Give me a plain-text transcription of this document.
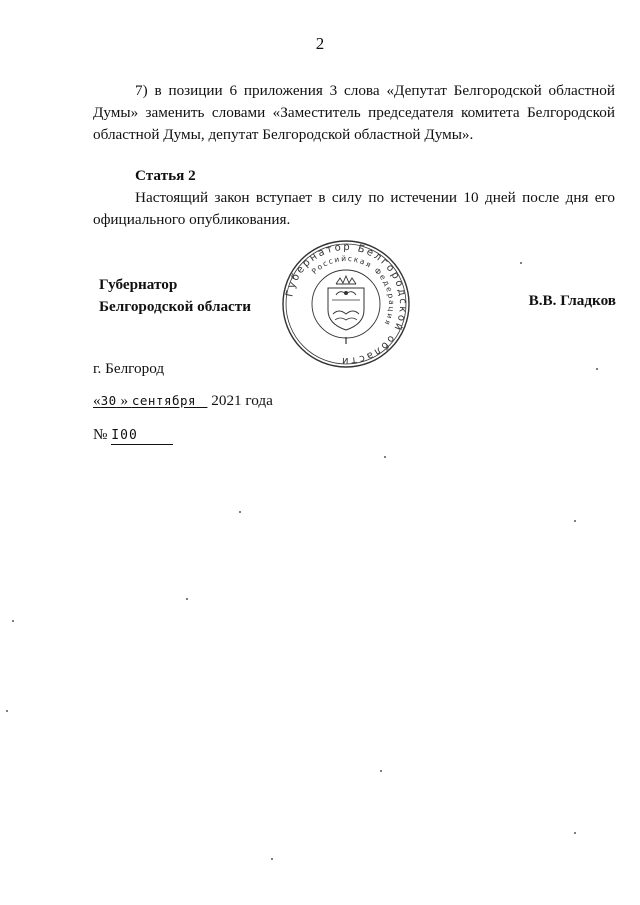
2
7) в позиции 6 приложения 3 слова «Депутат Белгородской областной
Думы» заменить словами «Заместитель председателя комитета Белгородской
областной Думы, депутат Белгородской областной Думы».
Статья 2
Настоящий закон вступает в силу по истечении 10 дней после дня его
официального опубликования.
Губернатор
Белгородской области
Губернатор Белгородской области
Российская Федерация
В.В. Гладков
г. Белгород
«30 » сентября 2021 года
№ I00
